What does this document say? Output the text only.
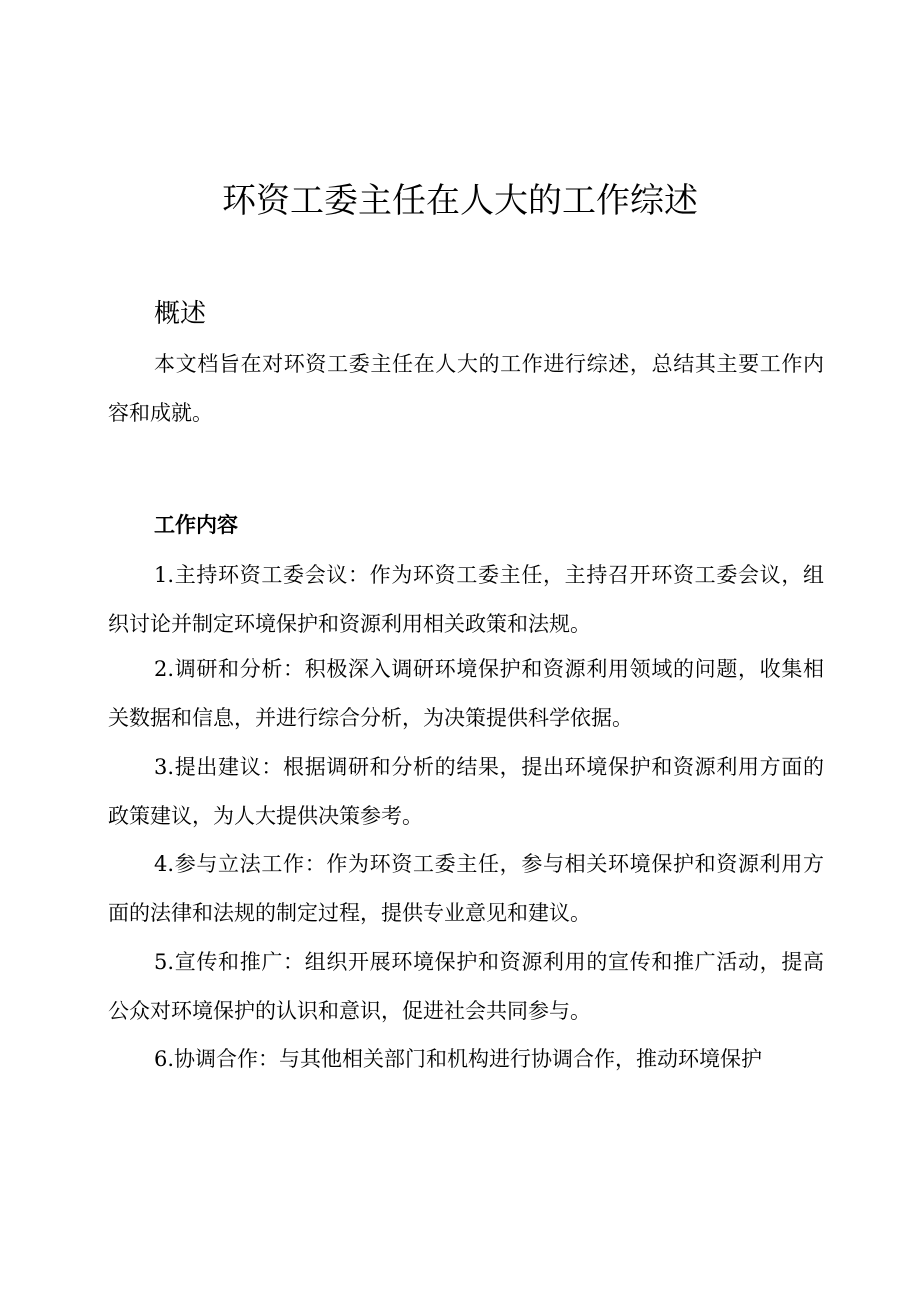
环资工委主任在人大的工作综述
概述

本文档旨在对环资工委主任在人大的工作进行综述，总结其主要工作内容和成就。

工作内容

1.主持环资工委会议：作为环资工委主任，主持召开环资工委会议，组织讨论并制定环境保护和资源利用相关政策和法规。

2.调研和分析：积极深入调研环境保护和资源利用领域的问题，收集相关数据和信息，并进行综合分析，为决策提供科学依据。

3.提出建议：根据调研和分析的结果，提出环境保护和资源利用方面的政策建议，为人大提供决策参考。

4.参与立法工作：作为环资工委主任，参与相关环境保护和资源利用方面的法律和法规的制定过程，提供专业意见和建议。

5.宣传和推广：组织开展环境保护和资源利用的宣传和推广活动，提高公众对环境保护的认识和意识，促进社会共同参与。

6.协调合作：与其他相关部门和机构进行协调合作，推动环境保护
